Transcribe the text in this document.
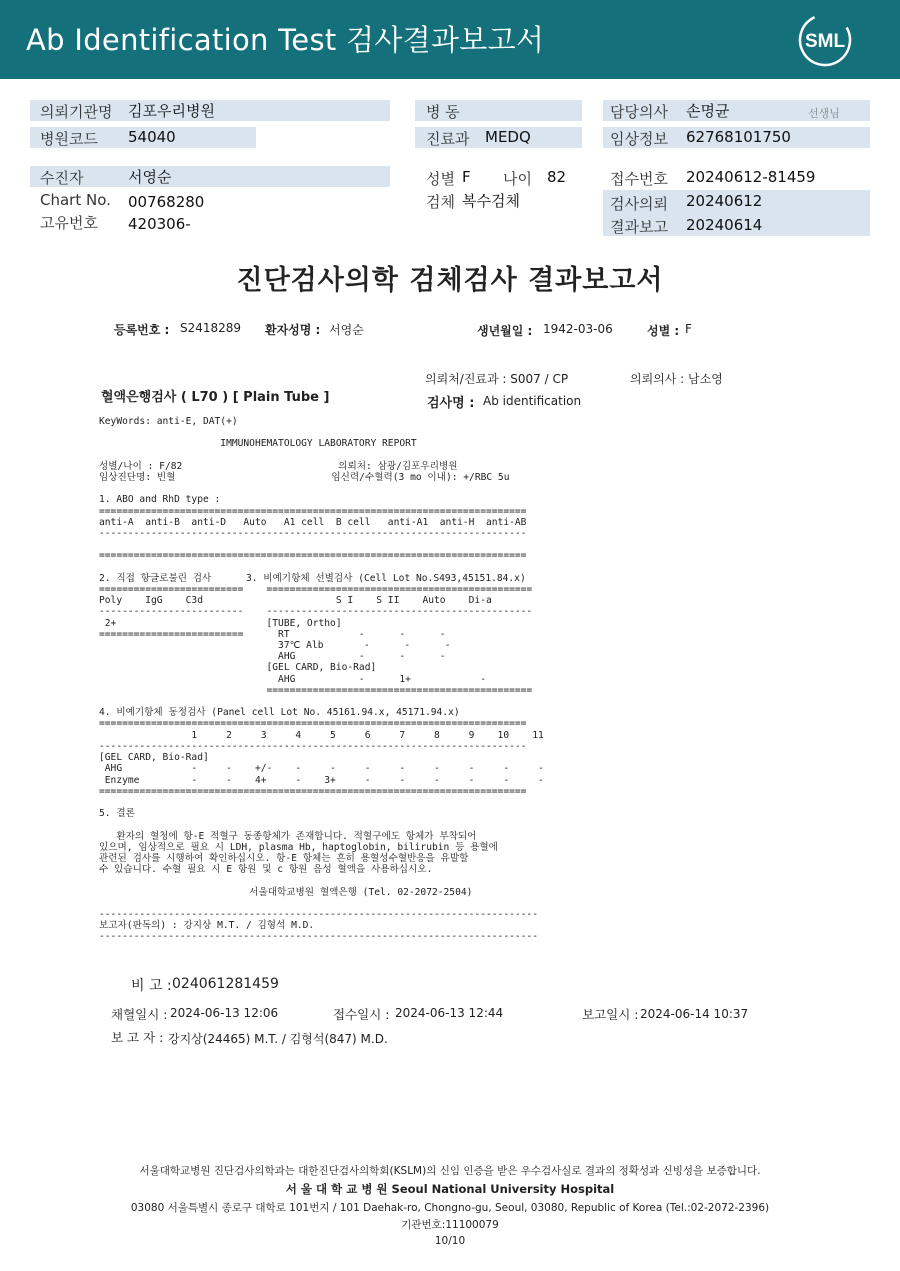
Ab Identification Test 검사결과보고서	SML
의뢰기관명 김포우리병원
병원코드 54040
병 동
진료과 MEDQ
담당의사 손명균	선생님
임상정보 62768101750
수진자	서영순
Chart No. 00768280
고유번호 420306-
성별 F 나이 82
검체 복수검체
접수번호 20240612-81459
검사의뢰 20240612
결과보고 20240614
진단검사의학 검체검사 결과보고서
등록번호 : S2418289 환자성명 : 서영순	생년월일 : 1942-03-06	성별 : F
의뢰처/진료과 : S007 / CP	의뢰의사 : 남소영
혈액은행검사 ( L70 ) [ Plain Tube ]	검사명 : Ab identification
KeyWords: anti-E, DAT(+)

IMMUNOHEMATOLOGY LABORATORY REPORT

성별/나이 : F/82                           의뢰처: 삼광/김포우리병원
임상진단명: 빈혈                           임신력/수혈력(3 mo 이내): +/RBC 5u

1. ABO and RhD type :
==========================================================================
anti-A  anti-B  anti-D   Auto   A1 cell  B cell   anti-A1  anti-H  anti-AB
--------------------------------------------------------------------------

==========================================================================

2. 직접 항글로불린 검사      3. 비예기항체 선별검사 (Cell Lot No.S493,45151.84.x)
=========================    ==============================================
Poly    IgG    C3d                       S I    S II    Auto    Di-a
-------------------------    ----------------------------------------------
2+                          [TUBE, Ortho]
=========================      RT            -      -      -
37℃ Alb       -      -      -
AHG           -      -      -
[GEL CARD, Bio-Rad]
AHG           -      1+            -
==============================================

4. 비예기항체 동정검사 (Panel cell Lot No. 45161.94.x, 45171.94.x)
==========================================================================
1     2     3     4     5     6     7     8     9    10    11
--------------------------------------------------------------------------
[GEL CARD, Bio-Rad]
AHG            -     -    +/-    -     -     -     -     -     -     -     -
Enzyme         -     -    4+     -    3+     -     -     -     -     -     -
==========================================================================

5. 결론

환자의 혈청에 항-E 적혈구 동종항체가 존재합니다. 적혈구에도 항체가 부착되어
있으며, 임상적으로 필요 시 LDH, plasma Hb, haptoglobin, bilirubin 등 용혈에
관련된 검사를 시행하여 확인하십시오. 항-E 항체는 흔히 용혈성수혈반응을 유발할
수 있습니다. 수혈 필요 시 E 항원 및 c 항원 음성 혈액을 사용하십시오.

서울대학교병원 혈액은행 (Tel. 02-2072-2504)

----------------------------------------------------------------------------
보고자(판독의) : 강지상 M.T. / 김형석 M.D.
----------------------------------------------------------------------------
비 고 : 024061281459
채혈일시 : 2024-06-13 12:06	접수일시 : 2024-06-13 12:44	보고일시 : 2024-06-14 10:37
보 고 자 : 강지상(24465) M.T. / 김형석(847) M.D.
서울대학교병원 진단검사의학과는 대한진단검사의학회(KSLM)의 신임 인증을 받은 우수검사실로 결과의 정확성과 신빙성을 보증합니다.
서 울 대 학 교 병 원 Seoul National University Hospital
03080 서울특별시 종로구 대학로 101번지 / 101 Daehak-ro, Chongno-gu, Seoul, 03080, Republic of Korea (Tel.:02-2072-2396)
기관번호:11100079
10/10
